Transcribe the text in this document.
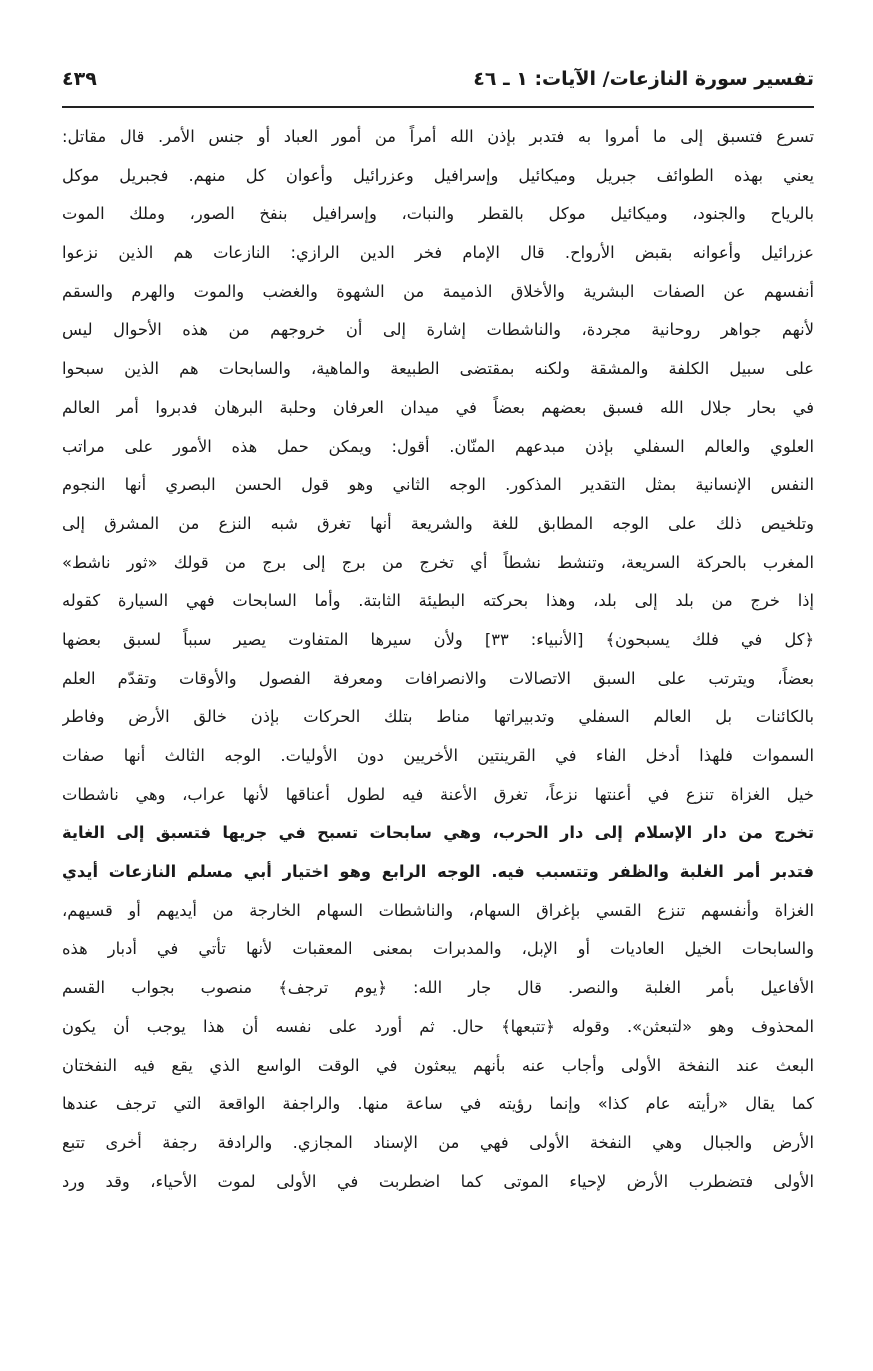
تفسير سورة النازعات/ الآيات: ١ ـ ٤٦
٤٣٩
تسرع فتسبق إلى ما أمروا به فتدبر بإذن الله أمراً من أمور العباد أو جنس الأمر. قال مقاتل:
يعني بهذه الطوائف جبريل وميكائيل وإسرافيل وعزرائيل وأعوان كل منهم. فجبريل موكل
بالرياح والجنود، وميكائيل موكل بالقطر والنبات، وإسرافيل بنفخ الصور، وملك الموت
عزرائيل وأعوانه بقبض الأرواح. قال الإمام فخر الدين الرازي: النازعات هم الذين نزعوا
أنفسهم عن الصفات البشرية والأخلاق الذميمة من الشهوة والغضب والموت والهرم والسقم
لأنهم جواهر روحانية مجردة، والناشطات إشارة إلى أن خروجهم من هذه الأحوال ليس
على سبيل الكلفة والمشقة ولكنه بمقتضى الطبيعة والماهية، والسابحات هم الذين سبحوا
في بحار جلال الله فسبق بعضهم بعضاً في ميدان العرفان وحلبة البرهان فدبروا أمر العالم
العلوي والعالم السفلي بإذن مبدعهم المنّان. أقول: ويمكن حمل هذه الأمور على مراتب
النفس الإنسانية بمثل التقدير المذكور. الوجه الثاني وهو قول الحسن البصري أنها النجوم
وتلخيص ذلك على الوجه المطابق للغة والشريعة أنها تغرق شبه النزع من المشرق إلى
المغرب بالحركة السريعة، وتنشط نشطاً أي تخرج من برج إلى برج من قولك «ثور ناشط»
إذا خرج من بلد إلى بلد، وهذا بحركته البطيئة الثابتة. وأما السابحات فهي السيارة كقوله
﴿كل في فلك يسبحون﴾ [الأنبياء: ٣٣] ولأن سيرها المتفاوت يصير سبباً لسبق بعضها
بعضاً، ويترتب على السبق الاتصالات والانصرافات ومعرفة الفصول والأوقات وتقدّم العلم
بالكائنات بل العالم السفلي وتدبيراتها مناط بتلك الحركات بإذن خالق الأرض وفاطر
السموات فلهذا أدخل الفاء في القرينتين الأخريين دون الأوليات. الوجه الثالث أنها صفات
خيل الغزاة تنزع في أعنتها نزعاً، تغرق الأعنة فيه لطول أعناقها لأنها عراب، وهي ناشطات
تخرج من دار الإسلام إلى دار الحرب، وهي سابحات تسبح في جريها فتسبق إلى الغاية
فتدبر أمر الغلبة والظفر وتتسبب فيه. الوجه الرابع وهو اختيار أبي مسلم النازعات أيدي
الغزاة وأنفسهم تنزع القسي بإغراق السهام، والناشطات السهام الخارجة من أيديهم أو قسيهم،
والسابحات الخيل العاديات أو الإبل، والمدبرات بمعنى المعقبات لأنها تأتي في أدبار هذه
الأفاعيل بأمر الغلبة والنصر. قال جار الله: ﴿يوم ترجف﴾ منصوب بجواب القسم
المحذوف وهو «لتبعثن». وقوله ﴿تتبعها﴾ حال. ثم أورد على نفسه أن هذا يوجب أن يكون
البعث عند النفخة الأولى وأجاب عنه بأنهم يبعثون في الوقت الواسع الذي يقع فيه النفختان
كما يقال «رأيته عام كذا» وإنما رؤيته في ساعة منها. والراجفة الواقعة التي ترجف عندها
الأرض والجبال وهي النفخة الأولى فهي من الإسناد المجازي. والرادفة رجفة أخرى تتبع
الأولى فتضطرب الأرض لإحياء الموتى كما اضطربت في الأولى لموت الأحياء، وقد ورد
